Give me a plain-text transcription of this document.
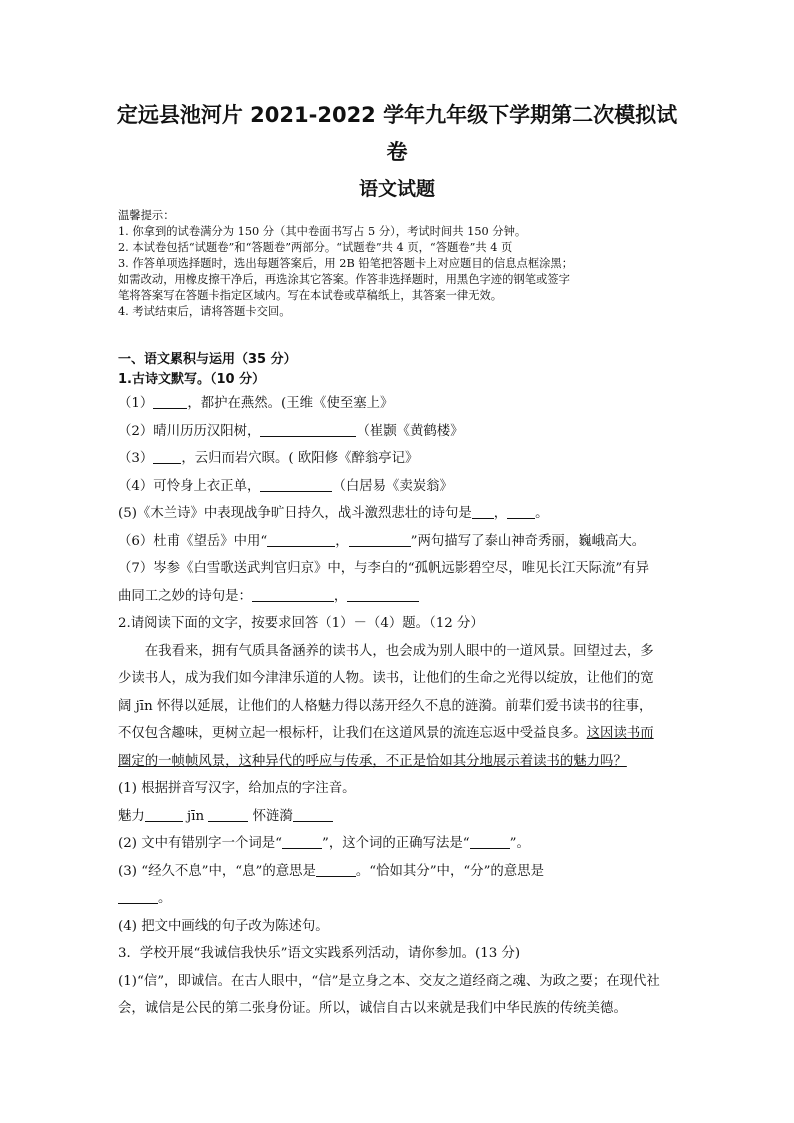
定远县池河片 2021-2022 学年九年级下学期第二次模拟试
卷
语文试题
温馨提示：
1. 你拿到的试卷满分为 150 分（其中卷面书写占 5 分），考试时间共 150 分钟。
2. 本试卷包括“试题卷”和“答题卷”两部分。“试题卷”共 4 页，“答题卷”共 4 页
3. 作答单项选择题时，选出每题答案后，用 2B 铅笔把答题卡上对应题目的信息点框涂黑；
如需改动，用橡皮擦干净后，再选涂其它答案。作答非选择题时，用黑色字迹的钢笔或签字
笔将答案写在答题卡指定区域内。写在本试卷或草稿纸上，其答案一律无效。
4. 考试结束后，请将答题卡交回。
一、语文累积与运用（35 分）
1.古诗文默写。（10 分）
（1）	，都护在燕然。(王维《使至塞上》
（2）晴川历历汉阳树，	（崔颢《黄鹤楼》
（3） ，云归而岩穴暝。( 欧阳修《醉翁亭记》
（4）可怜身上衣正单，	（白居易《卖炭翁》
(5)《木兰诗》中表现战争旷日持久，战斗激烈悲壮的诗句是 ， 。
（6）杜甫《望岳》中用“	，	”两句描写了泰山神奇秀丽，巍峨高大。
（7）岑参《白雪歌送武判官归京》中，与李白的“孤帆远影碧空尽，唯见长江天际流”有异
曲同工之妙的诗句是：	，
2.请阅读下面的文字，按要求回答（1）－（4）题。（12 分）
在我看来，拥有气质具备涵养的读书人，也会成为别人眼中的一道风景。回望过去，多
少读书人，成为我们如今津津乐道的人物。读书，让他们的生命之光得以绽放，让他们的宽
阔 jīn 怀得以延展，让他们的人格魅力得以荡开经久不息的涟漪。前辈们爱书读书的往事，
不仅包含趣味，更树立起一根标杆，让我们在这道风景的流连忘返中受益良多。这因读书而
圈定的一帧帧风景，这种异代的呼应与传承，不正是恰如其分地展示着读书的魅力吗？
(1) 根据拼音写汉字，给加点的字注音。
魅力	jīn	怀涟漪
(2) 文中有错别字一个词是“	”，这个词的正确写法是“	”。
(3) “经久不息”中，“息”的意思是	。“恰如其分”中，“分”的意思是
。
(4) 把文中画线的句子改为陈述句。
3．学校开展“我诚信我快乐”语文实践系列活动，请你参加。(13 分)
(1)“信”，即诚信。在古人眼中，“信”是立身之本、交友之道经商之魂、为政之要；在现代社
会，诚信是公民的第二张身份证。所以，诚信自古以来就是我们中华民族的传统美德。
